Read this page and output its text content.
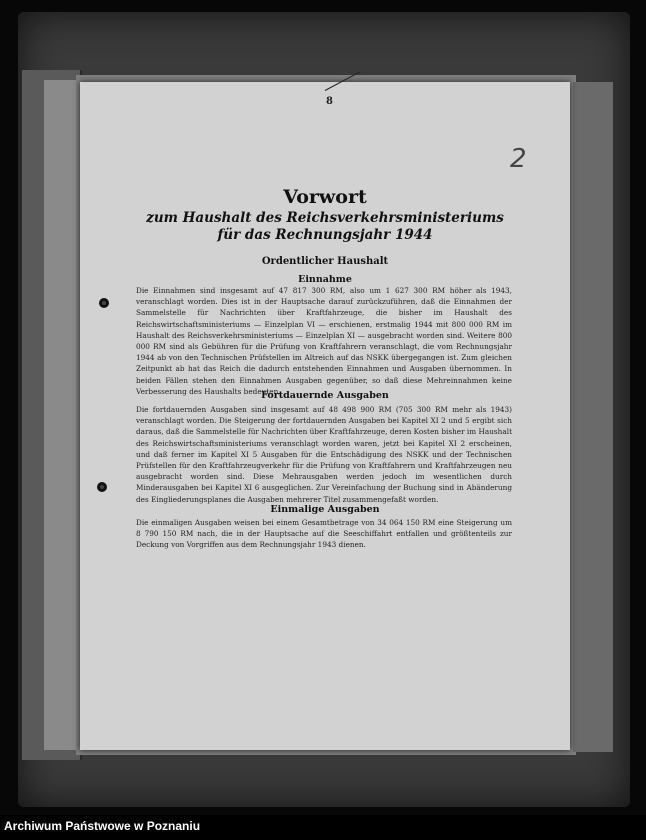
8
2
Vorwort
zum Haushalt des Reichsverkehrsministeriums
für das Rechnungsjahr 1944
Ordentlicher Haushalt
Einnahme
Die Einnahmen sind insgesamt auf 47 817 300 RM, also um 1 627 300 RM höher als 1943, veranschlagt worden. Dies ist in der Hauptsache darauf zurückzuführen, daß die Einnahmen der Sammelstelle für Nachrichten über Kraftfahrzeuge, die bisher im Haushalt des Reichswirtschaftsministeriums — Einzelplan VI — erschienen, erstmalig 1944 mit 800 000 RM im Haushalt des Reichsverkehrsministeriums — Einzelplan XI — ausgebracht worden sind. Weitere 800 000 RM sind als Gebühren für die Prüfung von Kraftfahrern veranschlagt, die vom Rechnungsjahr 1944 ab von den Technischen Prüfstellen im Altreich auf das NSKK übergegangen ist. Zum gleichen Zeitpunkt ab hat das Reich die dadurch entstehenden Einnahmen und Ausgaben übernommen. In beiden Fällen stehen den Einnahmen Ausgaben gegenüber, so daß diese Mehreinnahmen keine Verbesserung des Haushalts bedeuten.
Fortdauernde Ausgaben
Die fortdauernden Ausgaben sind insgesamt auf 48 498 900 RM (705 300 RM mehr als 1943) veranschlagt worden. Die Steigerung der fortdauernden Ausgaben bei Kapitel XI 2 und 5 ergibt sich daraus, daß die Sammelstelle für Nachrichten über Kraftfahrzeuge, deren Kosten bisher im Haushalt des Reichswirtschaftsministeriums veranschlagt worden waren, jetzt bei Kapitel XI 2 erscheinen, und daß ferner im Kapitel XI 5 Ausgaben für die Entschädigung des NSKK und der Technischen Prüfstellen für den Kraftfahrzeugverkehr für die Prüfung von Kraftfahrern und Kraftfahrzeugen neu ausgebracht worden sind. Diese Mehrausgaben werden jedoch im wesentlichen durch Minderausgaben bei Kapitel XI 6 ausgeglichen. Zur Vereinfachung der Buchung sind in Abänderung des Eingliederungsplanes die Ausgaben mehrerer Titel zusammengefaßt worden.
Einmalige Ausgaben
Die einmaligen Ausgaben weisen bei einem Gesamtbetrage von 34 064 150 RM eine Steigerung um 8 790 150 RM nach, die in der Hauptsache auf die Seeschiffahrt entfallen und größtenteils zur Deckung von Vorgriffen aus dem Rechnungsjahr 1943 dienen.
Archiwum Państwowe w Poznaniu
